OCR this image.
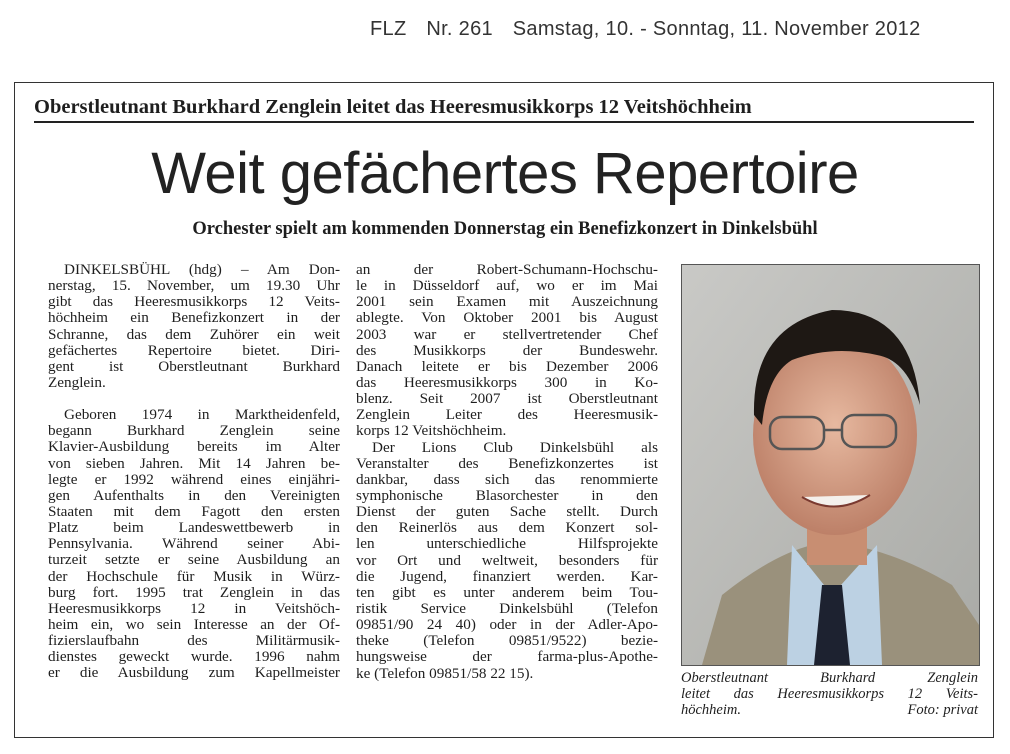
FLZ Nr. 261 Samstag, 10. - Sonntag, 11. November 2012
Oberstleutnant Burkhard Zenglein leitet das Heeresmusikkorps 12 Veitshöchheim
Weit gefächertes Repertoire
Orchester spielt am kommenden Donnerstag ein Benefizkonzert in Dinkelsbühl
DINKELSBÜHL (hdg) – Am Don-
nerstag, 15. November, um 19.30 Uhr
gibt das Heeresmusikkorps 12 Veits-
höchheim ein Benefizkonzert in der
Schranne, das dem Zuhörer ein weit
gefächertes Repertoire bietet. Diri-
gent ist Oberstleutnant Burkhard
Zenglein.
Geboren 1974 in Marktheidenfeld,
begann Burkhard Zenglein seine
Klavier-Ausbildung bereits im Alter
von sieben Jahren. Mit 14 Jahren be-
legte er 1992 während eines einjähri-
gen Aufenthalts in den Vereinigten
Staaten mit dem Fagott den ersten
Platz beim Landeswettbewerb in
Pennsylvania. Während seiner Abi-
turzeit setzte er seine Ausbildung an
der Hochschule für Musik in Würz-
burg fort. 1995 trat Zenglein in das
Heeresmusikkorps 12 in Veitshöch-
heim ein, wo sein Interesse an der Of-
fizierslaufbahn des Militärmusik-
dienstes geweckt wurde. 1996 nahm
er die Ausbildung zum Kapellmeister
an der Robert-Schumann-Hochschu-
le in Düsseldorf auf, wo er im Mai
2001 sein Examen mit Auszeichnung
ablegte. Von Oktober 2001 bis August
2003 war er stellvertretender Chef
des Musikkorps der Bundeswehr.
Danach leitete er bis Dezember 2006
das Heeresmusikkorps 300 in Ko-
blenz. Seit 2007 ist Oberstleutnant
Zenglein Leiter des Heeresmusik-
korps 12 Veitshöchheim.
Der Lions Club Dinkelsbühl als
Veranstalter des Benefizkonzertes ist
dankbar, dass sich das renommierte
symphonische Blasorchester in den
Dienst der guten Sache stellt. Durch
den Reinerlös aus dem Konzert sol-
len unterschiedliche Hilfsprojekte
vor Ort und weltweit, besonders für
die Jugend, finanziert werden. Kar-
ten gibt es unter anderem beim Tou-
ristik Service Dinkelsbühl (Telefon
09851/90 24 40) oder in der Adler-Apo-
theke (Telefon 09851/9522) bezie-
hungsweise der farma-plus-Apothe-
ke (Telefon 09851/58 22 15).	Oberstleutnant Burkhard Zenglein
leitet das Heeresmusikkorps 12 Veits-
höchheim.	Foto: privat
